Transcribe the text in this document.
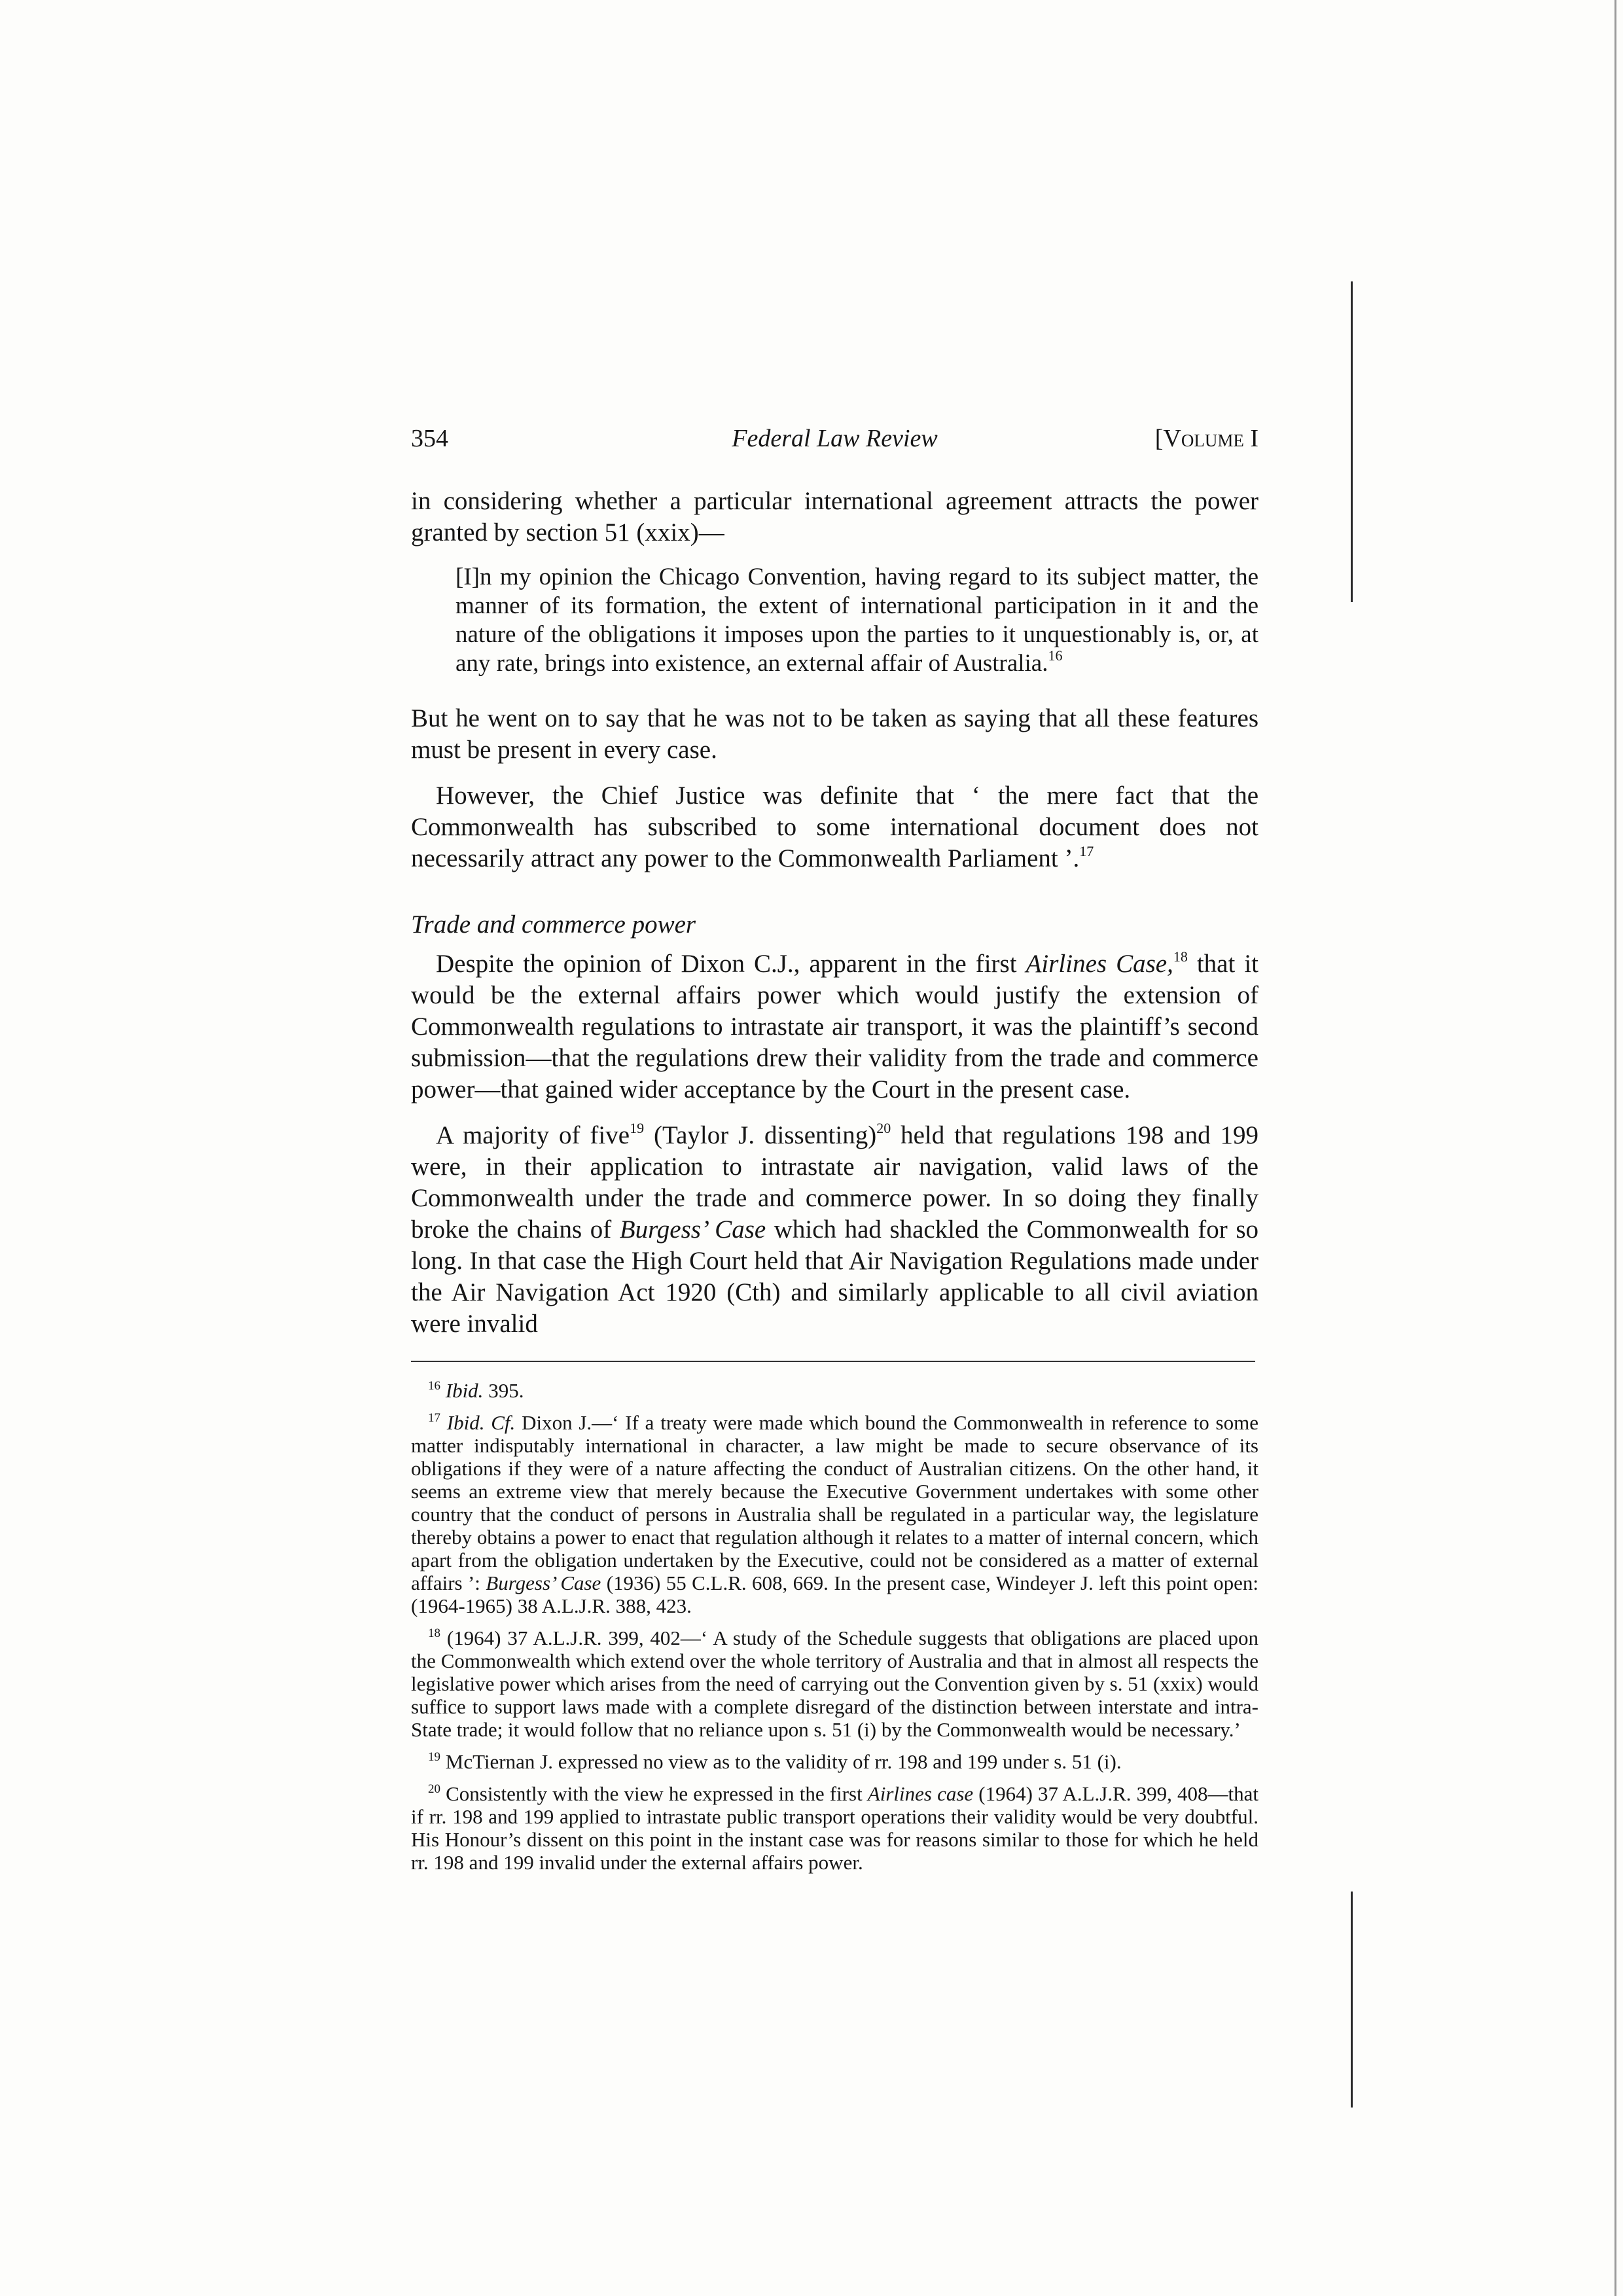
354	Federal Law Review	[Volume I

in considering whether a particular international agreement attracts the power granted by section 51 (xxix)—

[I]n my opinion the Chicago Convention, having regard to its subject matter, the manner of its formation, the extent of international participation in it and the nature of the obligations it imposes upon the parties to it unquestionably is, or, at any rate, brings into existence, an external affair of Australia.$^{16}$

But he went on to say that he was not to be taken as saying that all these features must be present in every case.

However, the Chief Justice was definite that ‘ the mere fact that the Commonwealth has subscribed to some international document does not necessarily attract any power to the Commonwealth Parliament ’.$^{17}$

Trade and commerce power

Despite the opinion of Dixon C.J., apparent in the first Airlines Case,$^{18}$ that it would be the external affairs power which would justify the extension of Commonwealth regulations to intrastate air transport, it was the plaintiff’s second submission—that the regulations drew their validity from the trade and commerce power—that gained wider acceptance by the Court in the present case.

A majority of five$^{19}$ (Taylor J. dissenting)$^{20}$ held that regulations 198 and 199 were, in their application to intrastate air navigation, valid laws of the Commonwealth under the trade and commerce power. In so doing they finally broke the chains of Burgess’ Case which had shackled the Commonwealth for so long. In that case the High Court held that Air Navigation Regulations made under the Air Navigation Act 1920 (Cth) and similarly applicable to all civil aviation were invalid

$^{16}$ Ibid. 395.

$^{17}$ Ibid. Cf. Dixon J.—‘ If a treaty were made which bound the Commonwealth in reference to some matter indisputably international in character, a law might be made to secure observance of its obligations if they were of a nature affecting the conduct of Australian citizens. On the other hand, it seems an extreme view that merely because the Executive Government undertakes with some other country that the conduct of persons in Australia shall be regulated in a particular way, the legislature thereby obtains a power to enact that regulation although it relates to a matter of internal concern, which apart from the obligation undertaken by the Executive, could not be considered as a matter of external affairs ’: Burgess’ Case (1936) 55 C.L.R. 608, 669. In the present case, Windeyer J. left this point open: (1964-1965) 38 A.L.J.R. 388, 423.

$^{18}$ (1964) 37 A.L.J.R. 399, 402—‘ A study of the Schedule suggests that obligations are placed upon the Commonwealth which extend over the whole territory of Australia and that in almost all respects the legislative power which arises from the need of carrying out the Convention given by s. 51 (xxix) would suffice to support laws made with a complete disregard of the distinction between interstate and intra-State trade; it would follow that no reliance upon s. 51 (i) by the Commonwealth would be necessary.’

$^{19}$ McTiernan J. expressed no view as to the validity of rr. 198 and 199 under s. 51 (i).

$^{20}$ Consistently with the view he expressed in the first Airlines case (1964) 37 A.L.J.R. 399, 408—that if rr. 198 and 199 applied to intrastate public transport operations their validity would be very doubtful. His Honour’s dissent on this point in the instant case was for reasons similar to those for which he held rr. 198 and 199 invalid under the external affairs power.
